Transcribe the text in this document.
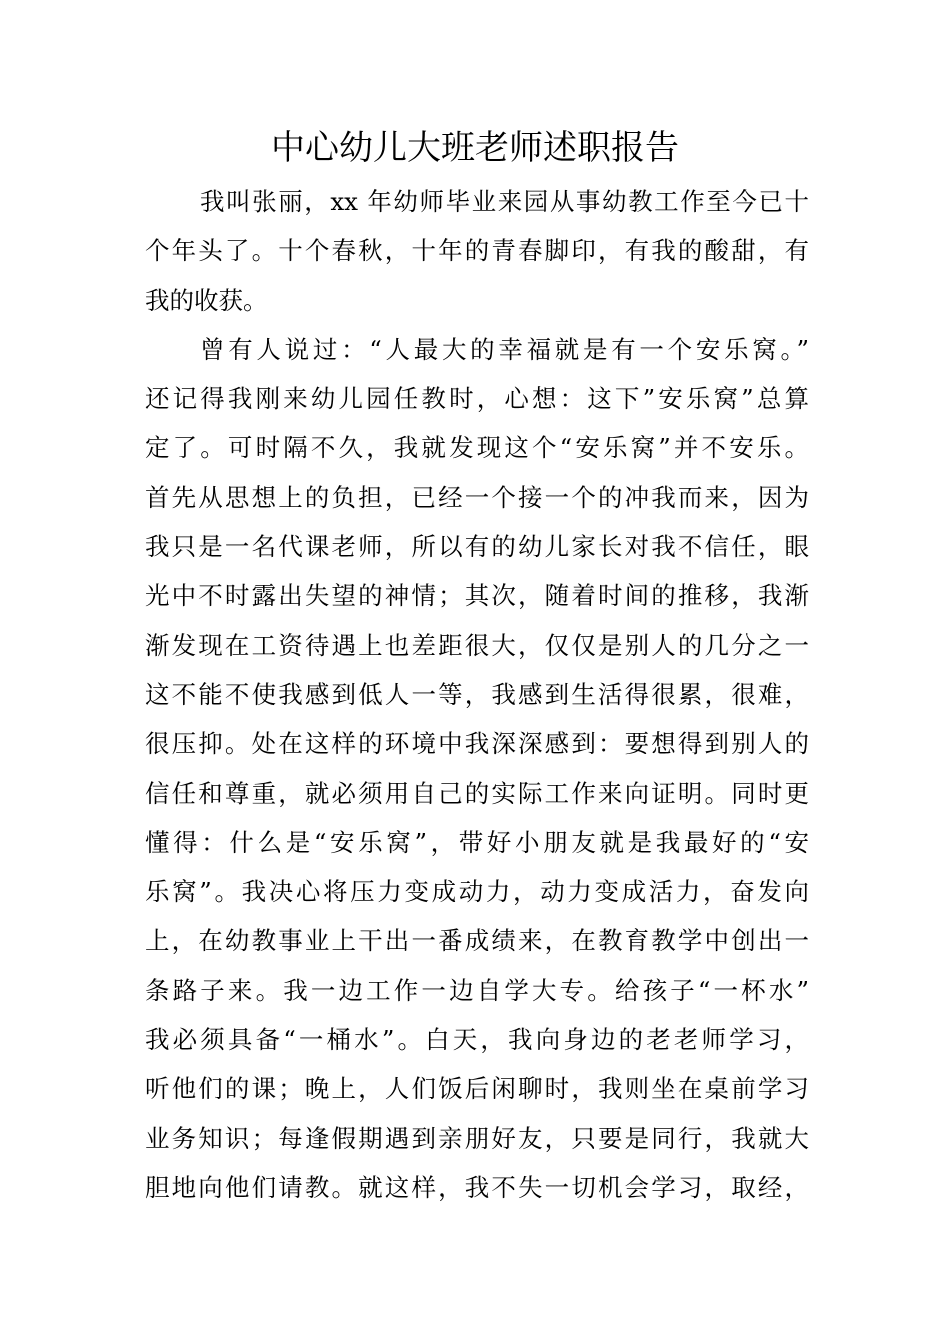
中心幼儿大班老师述职报告
我叫张丽，xx 年幼师毕业来园从事幼教工作至今已十
个年头了。十个春秋，十年的青春脚印，有我的酸甜，有
我的收获。
曾有人说过：“人最大的幸福就是有一个安乐窝。”
还记得我刚来幼儿园任教时，心想：这下”安乐窝”总算
定了。可时隔不久，我就发现这个“安乐窝”并不安乐。
首先从思想上的负担，已经一个接一个的冲我而来，因为
我只是一名代课老师，所以有的幼儿家长对我不信任，眼
光中不时露出失望的神情；其次，随着时间的推移，我渐
渐发现在工资待遇上也差距很大，仅仅是别人的几分之一
这不能不使我感到低人一等，我感到生活得很累，很难，
很压抑。处在这样的环境中我深深感到：要想得到别人的
信任和尊重，就必须用自己的实际工作来向证明。同时更
懂得：什么是“安乐窝”，带好小朋友就是我最好的“安
乐窝”。我决心将压力变成动力，动力变成活力，奋发向
上，在幼教事业上干出一番成绩来，在教育教学中创出一
条路子来。我一边工作一边自学大专。给孩子“一杯水”
我必须具备“一桶水”。白天，我向身边的老老师学习，
听他们的课；晚上，人们饭后闲聊时，我则坐在桌前学习
业务知识；每逢假期遇到亲朋好友，只要是同行，我就大
胆地向他们请教。就这样，我不失一切机会学习，取经，
